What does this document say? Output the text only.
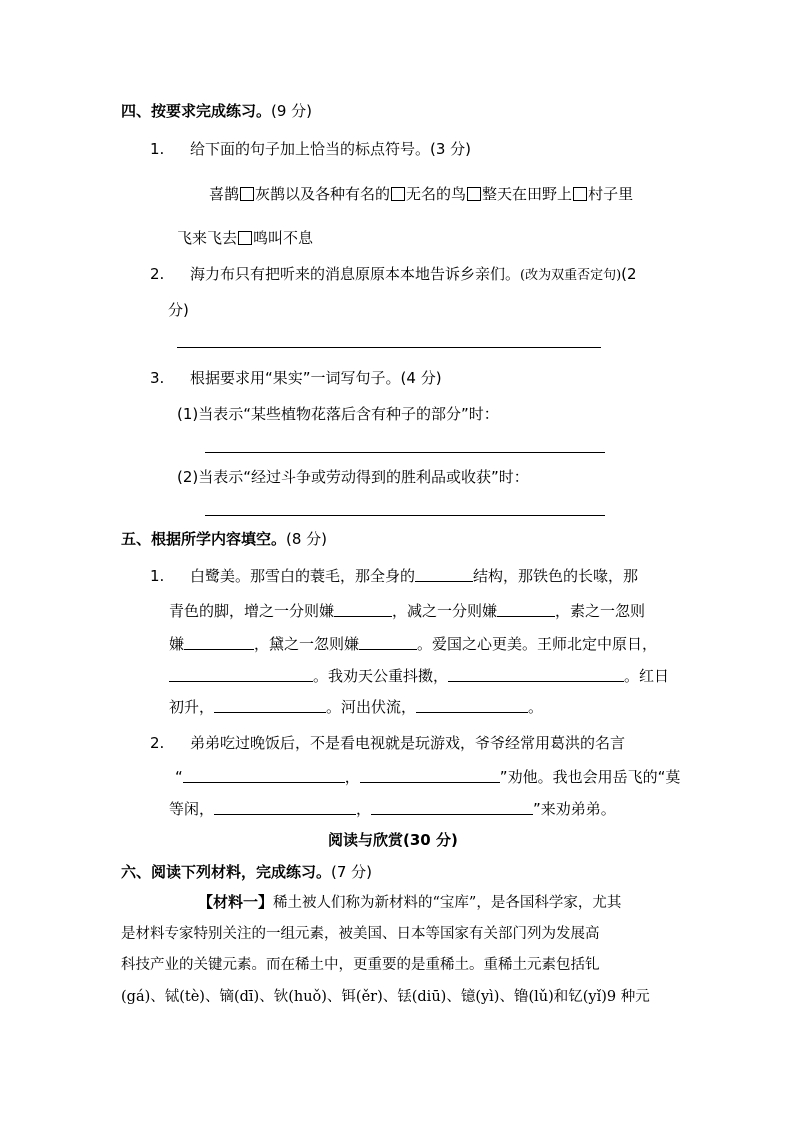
四、按要求完成练习。(9 分)
1. 给下面的句子加上恰当的标点符号。(3 分)
喜鹊 灰鹊以及各种有名的 无名的鸟 整天在田野上 村子里
飞来飞去 鸣叫不息
2. 海力布只有把听来的消息原原本本地告诉乡亲们。(改为双重否定句)(2
分)
3. 根据要求用“果实”一词写句子。(4 分)
(1)当表示“某些植物花落后含有种子的部分”时：
(2)当表示“经过斗争或劳动得到的胜利品或收获”时：
五、根据所学内容填空。(8 分)
1. 白鹭美。那雪白的蓑毛，那全身的	结构，那铁色的长喙，那
青色的脚，增之一分则嫌	，减之一分则嫌	，素之一忽则
嫌	，黛之一忽则嫌	。爱国之心更美。王师北定中原日，
。我劝天公重抖擞，	。红日
初升，	。河出伏流，	。
2. 弟弟吃过晚饭后，不是看电视就是玩游戏，爷爷经常用葛洪的名言
“	，	”劝他。我也会用岳飞的“莫
等闲，	，	”来劝弟弟。
阅读与欣赏(30 分)
六、阅读下列材料，完成练习。(7 分)
【材料一】稀土被人们称为新材料的“宝库”，是各国科学家，尤其
是材料专家特别关注的一组元素，被美国、日本等国家有关部门列为发展高
科技产业的关键元素。而在稀土中，更重要的是重稀土。重稀土元素包括钆
(gá)、铽(tè)、镝(dī)、钬(huǒ)、铒(ěr)、铥(diū)、镱(yì)、镥(lǔ)和钇(yǐ)9 种元
